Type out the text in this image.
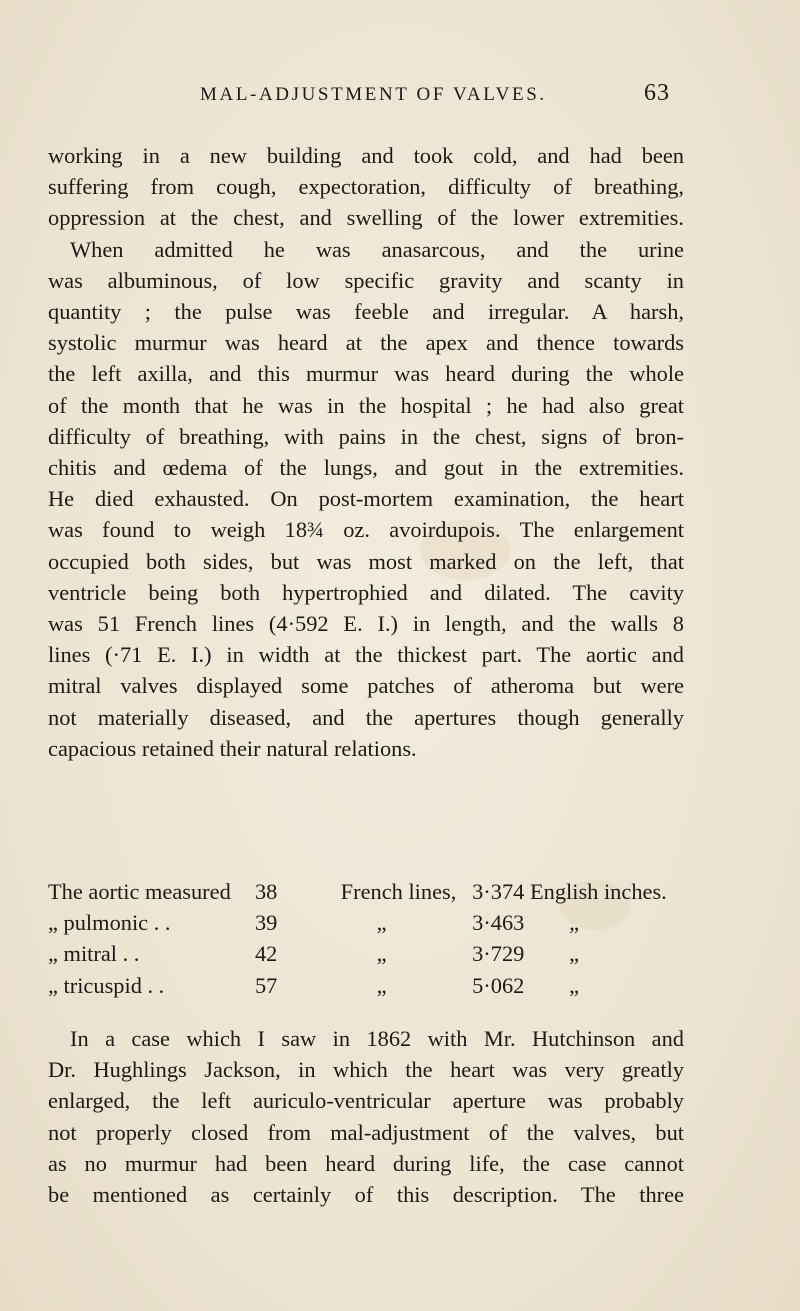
MAL-ADJUSTMENT OF VALVES.	63
working in a new building and took cold, and had been
suffering from cough, expectoration, difficulty of breathing,
oppression at the chest, and swelling of the lower extremities.
When admitted he was anasarcous, and the urine
was albuminous, of low specific gravity and scanty in
quantity ; the pulse was feeble and irregular. A harsh,
systolic murmur was heard at the apex and thence towards
the left axilla, and this murmur was heard during the whole
of the month that he was in the hospital ; he had also great
difficulty of breathing, with pains in the chest, signs of bron-
chitis and œdema of the lungs, and gout in the extremities.
He died exhausted. On post-mortem examination, the heart
was found to weigh 18¾ oz. avoirdupois. The enlargement
occupied both sides, but was most marked on the left, that
ventricle being both hypertrophied and dilated. The cavity
was 51 French lines (4·592 E. I.) in length, and the walls 8
lines (·71 E. I.) in width at the thickest part. The aortic and
mitral valves displayed some patches of atheroma but were
not materially diseased, and the apertures though generally
capacious retained their natural relations.
The aortic measured	38	French lines,	3·374 English inches.
„ pulmonic . .	39	„	3·463        „
„ mitral . .	42	„	3·729        „
„ tricuspid . .	57	„	5·062        „
In a case which I saw in 1862 with Mr. Hutchinson and
Dr. Hughlings Jackson, in which the heart was very greatly
enlarged, the left auriculo-ventricular aperture was probably
not properly closed from mal-adjustment of the valves, but
as no murmur had been heard during life, the case cannot
be mentioned as certainly of this description. The three
